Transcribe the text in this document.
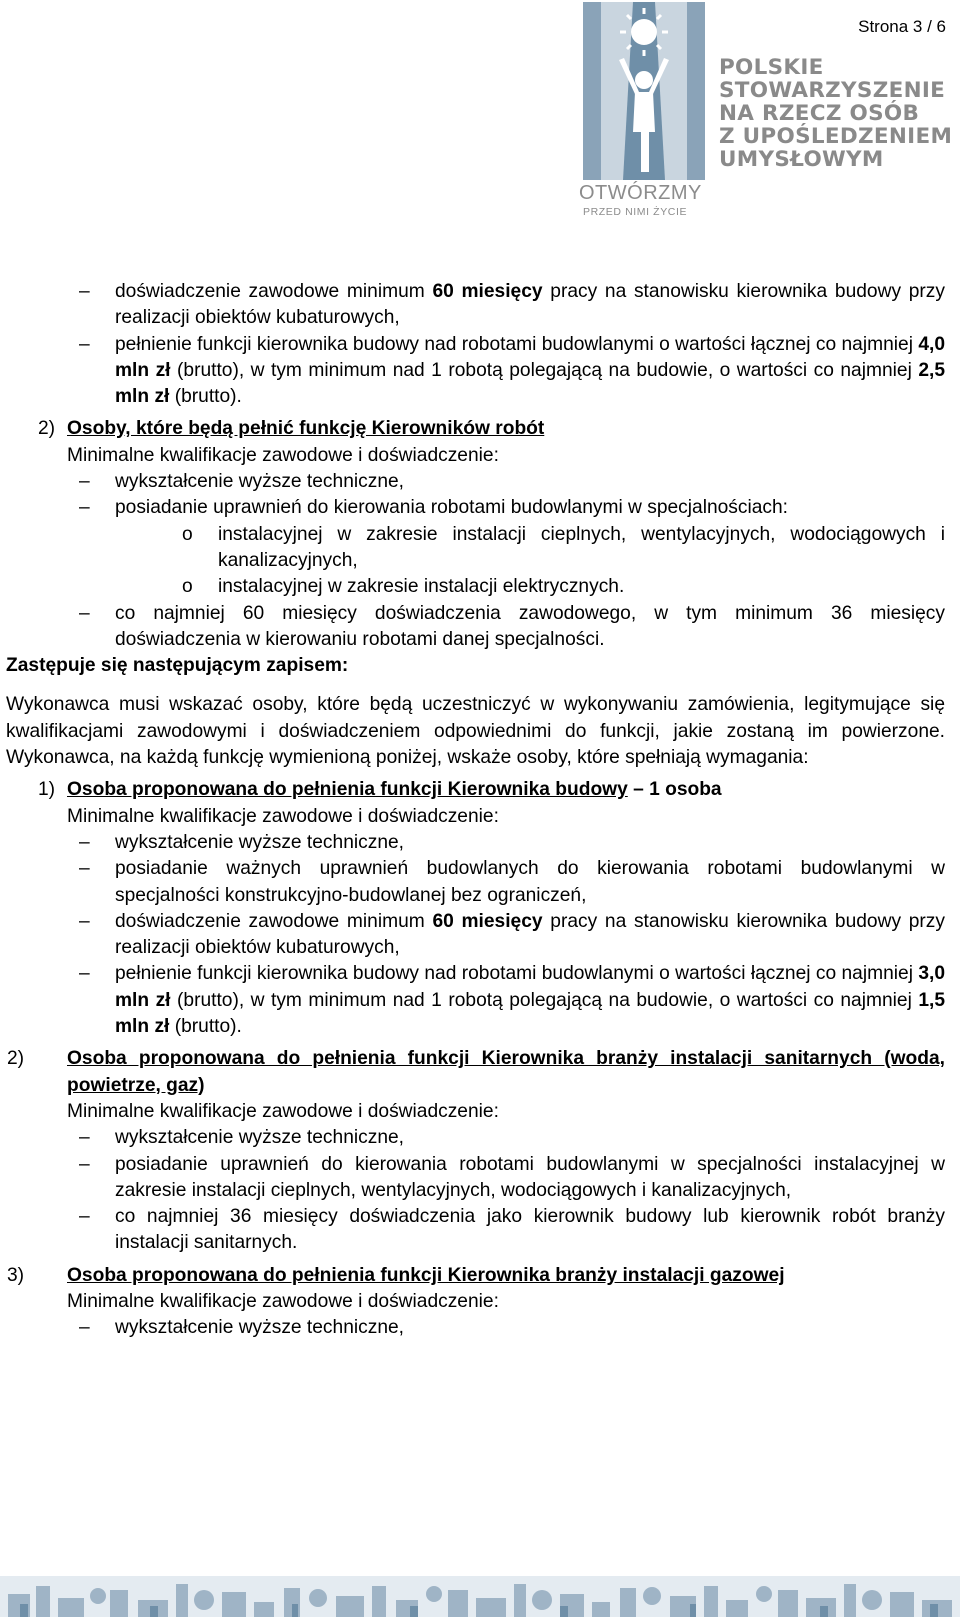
POLSKIE
STOWARZYSZENIE
NA RZECZ OSÓB
Z UPOŚLEDZENIEM
UMYSŁOWYM
OTWÓRZMY
PRZED NIMI ŻYCIE
Strona 3 / 6

– doświadczenie zawodowe minimum 60 miesięcy pracy na stanowisku kierownika budowy przy realizacji obiektów kubaturowych,

– pełnienie funkcji kierownika budowy nad robotami budowlanymi o wartości łącznej co najmniej 4,0 mln zł (brutto), w tym minimum nad 1 robotą polegającą na budowie, o wartości co najmniej 2,5 mln zł (brutto).

2) Osoby, które będą pełnić funkcję Kierowników robót

Minimalne kwalifikacje zawodowe i doświadczenie:

– wykształcenie wyższe techniczne,

– posiadanie uprawnień do kierowania robotami budowlanymi w specjalnościach:

o instalacyjnej w zakresie instalacji cieplnych, wentylacyjnych, wodociągowych i kanalizacyjnych,

o instalacyjnej w zakresie instalacji elektrycznych.

– co najmniej 60 miesięcy doświadczenia zawodowego, w tym minimum 36 miesięcy doświadczenia w kierowaniu robotami danej specjalności.

Zastępuje się następującym zapisem:

Wykonawca musi wskazać osoby, które będą uczestniczyć w wykonywaniu zamówienia, legitymujące się kwalifikacjami zawodowymi i doświadczeniem odpowiednimi do funkcji, jakie zostaną im powierzone. Wykonawca, na każdą funkcję wymienioną poniżej, wskaże osoby, które spełniają wymagania:

1) Osoba proponowana do pełnienia funkcji Kierownika budowy – 1 osoba

Minimalne kwalifikacje zawodowe i doświadczenie:

– wykształcenie wyższe techniczne,

– posiadanie ważnych uprawnień budowlanych do kierowania robotami budowlanymi w specjalności konstrukcyjno-budowlanej bez ograniczeń,

– doświadczenie zawodowe minimum 60 miesięcy pracy na stanowisku kierownika budowy przy realizacji obiektów kubaturowych,

– pełnienie funkcji kierownika budowy nad robotami budowlanymi o wartości łącznej co najmniej 3,0 mln zł (brutto), w tym minimum nad 1 robotą polegającą na budowie, o wartości co najmniej 1,5 mln zł (brutto).

2) Osoba proponowana do pełnienia funkcji Kierownika branży instalacji sanitarnych (woda, powietrze, gaz)

Minimalne kwalifikacje zawodowe i doświadczenie:

– wykształcenie wyższe techniczne,

– posiadanie uprawnień do kierowania robotami budowlanymi w specjalności instalacyjnej w zakresie instalacji cieplnych, wentylacyjnych, wodociągowych i kanalizacyjnych,

– co najmniej 36 miesięcy doświadczenia jako kierownik budowy lub kierownik robót branży instalacji sanitarnych.

3) Osoba proponowana do pełnienia funkcji Kierownika branży instalacji gazowej

Minimalne kwalifikacje zawodowe i doświadczenie:

– wykształcenie wyższe techniczne,
